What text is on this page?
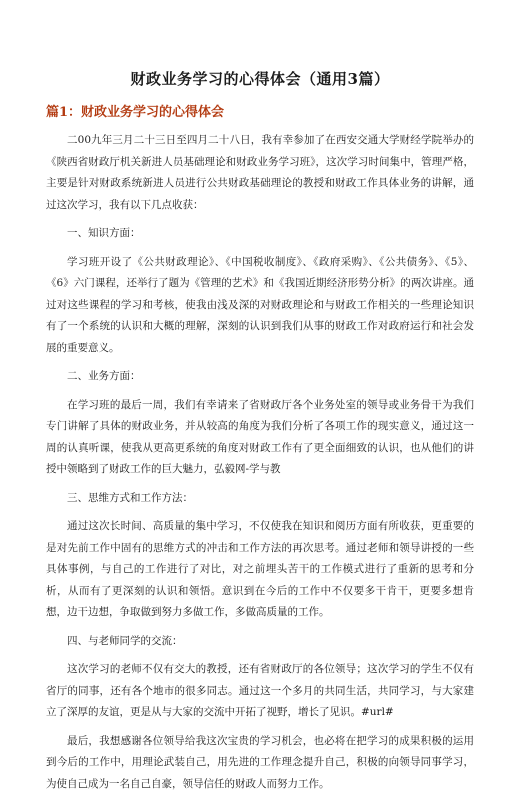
财政业务学习的心得体会（通用3篇）
篇1：财政业务学习的心得体会

二00九年三月二十三日至四月二十八日，我有幸参加了在西安交通大学财经学院举办的《陕西省财政厅机关新进人员基础理论和财政业务学习班》，这次学习时间集中，管理严格，主要是针对财政系统新进人员进行公共财政基础理论的教授和财政工作具体业务的讲解，通过这次学习，我有以下几点收获：

一、知识方面：

学习班开设了《公共财政理论》、《中国税收制度》、《政府采购》、《公共债务》、《5》、《6》六门课程，还举行了题为《管理的艺术》和《我国近期经济形势分析》的两次讲座。通过对这些课程的学习和考核，使我由浅及深的对财政理论和与财政工作相关的一些理论知识有了一个系统的认识和大概的理解，深刻的认识到我们从事的财政工作对政府运行和社会发展的重要意义。

二、业务方面：

在学习班的最后一周，我们有幸请来了省财政厅各个业务处室的领导或业务骨干为我们专门讲解了具体的财政业务，并从较高的角度为我们分析了各项工作的现实意义，通过这一周的认真听课，使我从更高更系统的角度对财政工作有了更全面细致的认识，也从他们的讲授中领略到了财政工作的巨大魅力，弘毅网-学与教

三、思维方式和工作方法：

通过这次长时间、高质量的集中学习，不仅使我在知识和阅历方面有所收获，更重要的是对先前工作中固有的思维方式的冲击和工作方法的再次思考。通过老师和领导讲授的一些具体事例，与自己的工作进行了对比，对之前埋头苦干的工作模式进行了重新的思考和分析，从而有了更深刻的认识和领悟。意识到在今后的工作中不仅要多干肯干，更要多想肯想，边干边想，争取做到努力多做工作，多做高质量的工作。

四、与老师同学的交流：

这次学习的老师不仅有交大的教授，还有省财政厅的各位领导；这次学习的学生不仅有省厅的同事，还有各个地市的很多同志。通过这一个多月的共同生活，共同学习，与大家建立了深厚的友谊，更是从与大家的交流中开拓了视野，增长了见识。#url#

最后，我想感谢各位领导给我这次宝贵的学习机会，也必将在把学习的成果积极的运用到今后的工作中，用理论武装自己，用先进的工作理念提升自己，积极的向领导同事学习，为使自己成为一名自己自豪，领导信任的财政人而努力工作。
